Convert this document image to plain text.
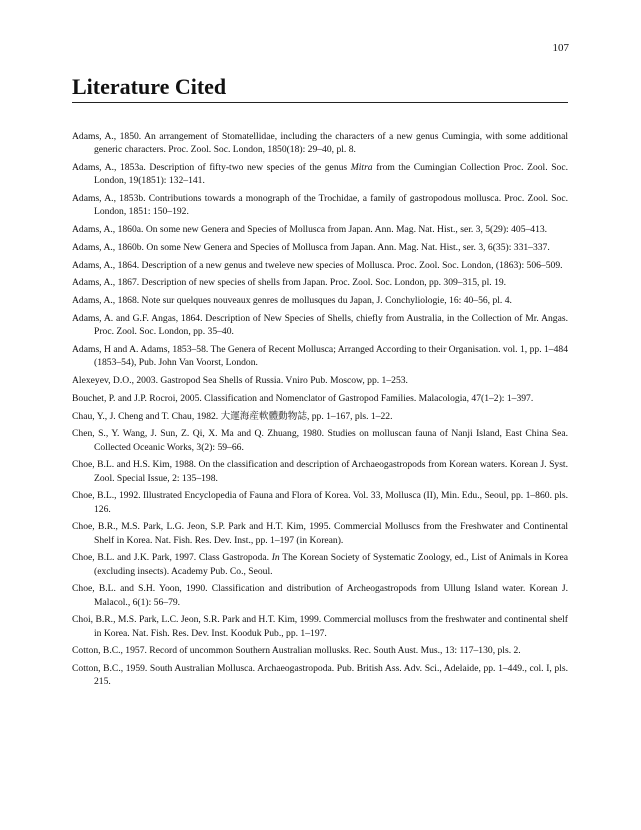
107
Literature Cited
Adams, A., 1850. An arrangement of Stomatellidae, including the characters of a new genus Cumingia, with some additional generic characters. Proc. Zool. Soc. London, 1850(18): 29–40, pl. 8.
Adams, A., 1853a. Description of fifty-two new species of the genus Mitra from the Cumingian Collection Proc. Zool. Soc. London, 19(1851): 132–141.
Adams, A., 1853b. Contributions towards a monograph of the Trochidae, a family of gastropodous mollusca. Proc. Zool. Soc. London, 1851: 150–192.
Adams, A., 1860a. On some new Genera and Species of Mollusca from Japan. Ann. Mag. Nat. Hist., ser. 3, 5(29): 405–413.
Adams, A., 1860b. On some New Genera and Species of Mollusca from Japan. Ann. Mag. Nat. Hist., ser. 3, 6(35): 331–337.
Adams, A., 1864. Description of a new genus and tweleve new species of Mollusca. Proc. Zool. Soc. London, (1863): 506–509.
Adams, A., 1867. Description of new species of shells from Japan. Proc. Zool. Soc. London, pp. 309–315, pl. 19.
Adams, A., 1868. Note sur quelques nouveaux genres de mollusques du Japan, J. Conchyliologie, 16: 40–56, pl. 4.
Adams, A. and G.F. Angas, 1864. Description of New Species of Shells, chiefly from Australia, in the Collection of Mr. Angas. Proc. Zool. Soc. London, pp. 35–40.
Adams, H and A. Adams, 1853–58. The Genera of Recent Mollusca; Arranged According to their Organisation. vol. 1, pp. 1–484 (1853–54), Pub. John Van Voorst, London.
Alexeyev, D.O., 2003. Gastropod Sea Shells of Russia. Vniro Pub. Moscow, pp. 1–253.
Bouchet, P. and J.P. Rocroi, 2005. Classification and Nomenclator of Gastropod Families. Malacologia, 47(1–2): 1–397.
Chau, Y., J. Cheng and T. Chau, 1982. 大運海産軟體動物誌, pp. 1–167, pls. 1–22.
Chen, S., Y. Wang, J. Sun, Z. Qi, X. Ma and Q. Zhuang, 1980. Studies on molluscan fauna of Nanji Island, East China Sea. Collected Oceanic Works, 3(2): 59–66.
Choe, B.L. and H.S. Kim, 1988. On the classification and description of Archaeogastropods from Korean waters. Korean J. Syst. Zool. Special Issue, 2: 135–198.
Choe, B.L., 1992. Illustrated Encyclopedia of Fauna and Flora of Korea. Vol. 33, Mollusca (II), Min. Edu., Seoul, pp. 1–860. pls. 126.
Choe, B.R., M.S. Park, L.G. Jeon, S.P. Park and H.T. Kim, 1995. Commercial Molluscs from the Freshwater and Continental Shelf in Korea. Nat. Fish. Res. Dev. Inst., pp. 1–197 (in Korean).
Choe, B.L. and J.K. Park, 1997. Class Gastropoda. In The Korean Society of Systematic Zoology, ed., List of Animals in Korea (excluding insects). Academy Pub. Co., Seoul.
Choe, B.L. and S.H. Yoon, 1990. Classification and distribution of Archeogastropods from Ullung Island water. Korean J. Malacol., 6(1): 56–79.
Choi, B.R., M.S. Park, L.C. Jeon, S.R. Park and H.T. Kim, 1999. Commercial molluscs from the freshwater and continental shelf in Korea. Nat. Fish. Res. Dev. Inst. Kooduk Pub., pp. 1–197.
Cotton, B.C., 1957. Record of uncommon Southern Australian mollusks. Rec. South Aust. Mus., 13: 117–130, pls. 2.
Cotton, B.C., 1959. South Australian Mollusca. Archaeogastropoda. Pub. British Ass. Adv. Sci., Adelaide, pp. 1–449., col. I, pls. 215.
